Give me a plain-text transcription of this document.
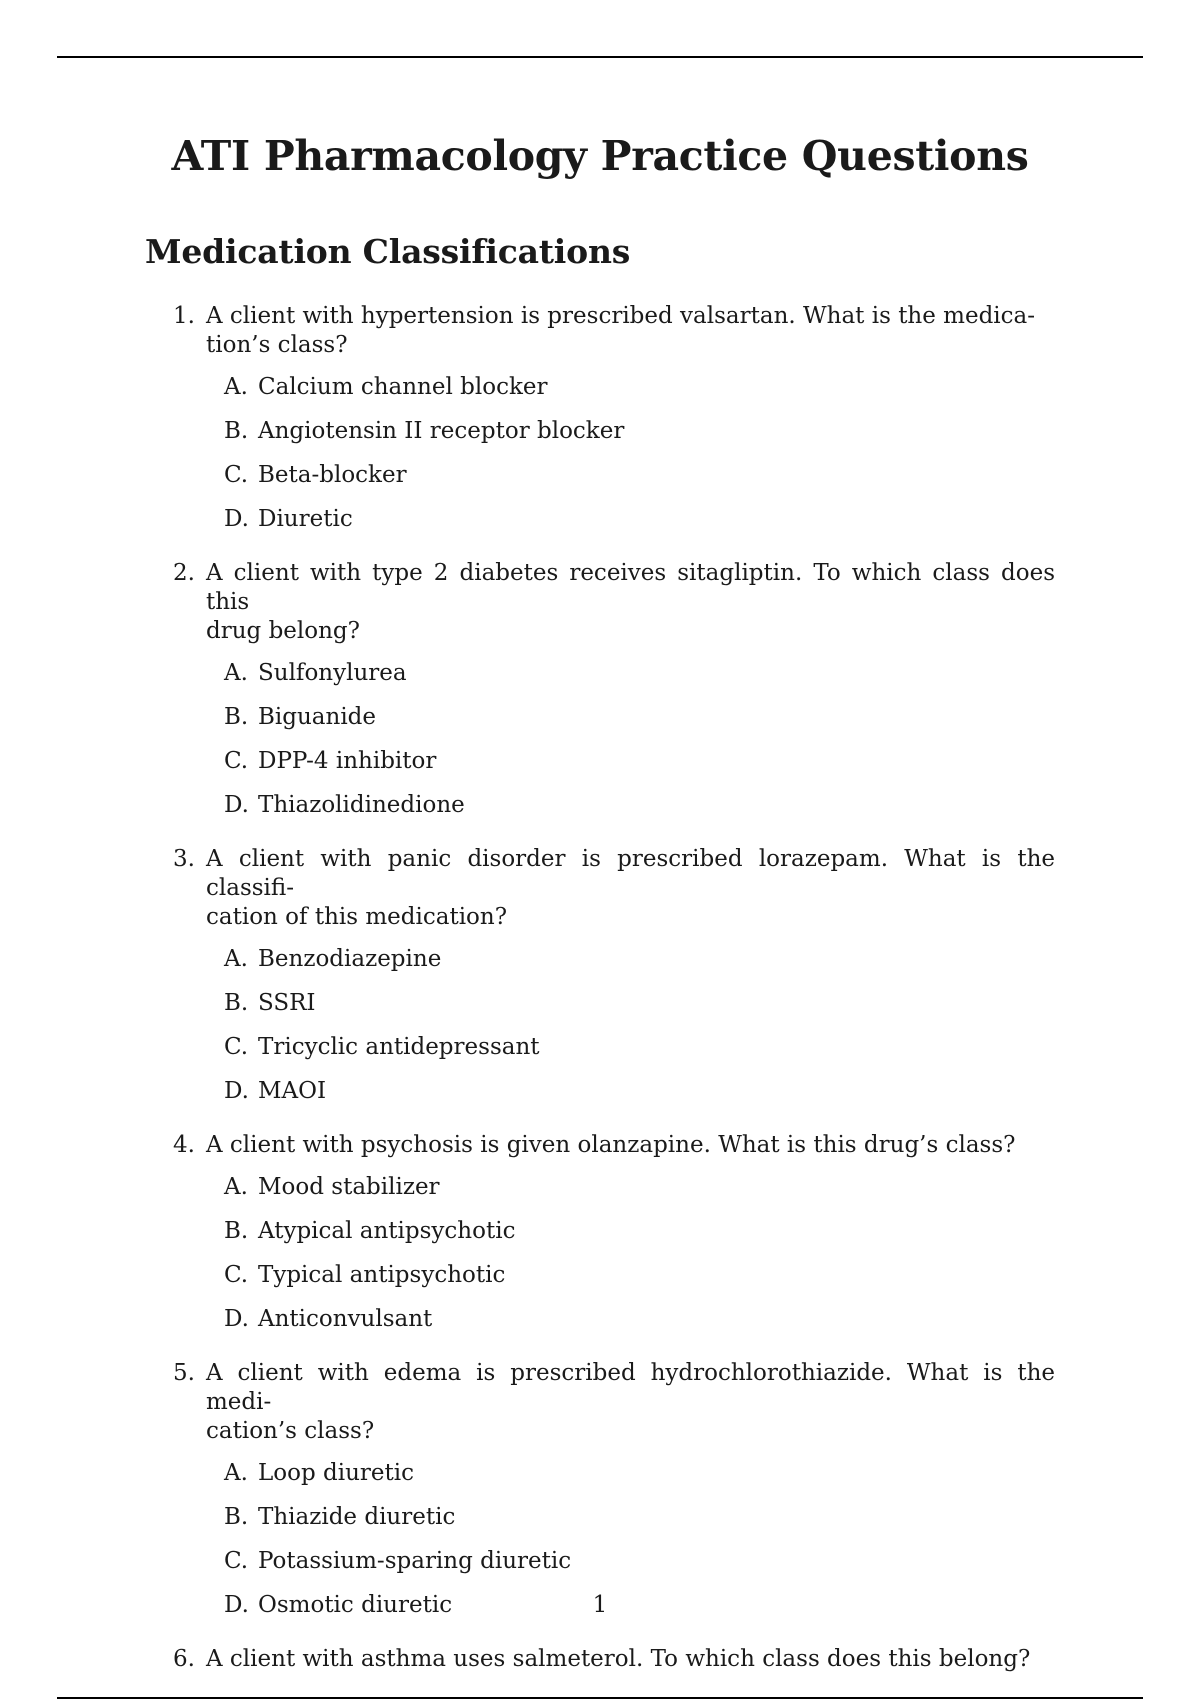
ATI Pharmacology Practice Questions
Medication Classifications
1. A client with hypertension is prescribed valsartan. What is the medica-
tion’s class?
A. Calcium channel blocker
B. Angiotensin II receptor blocker
C. Beta-blocker
D. Diuretic
2. A client with type 2 diabetes receives sitagliptin. To which class does this
drug belong?
A. Sulfonylurea
B. Biguanide
C. DPP-4 inhibitor
D. Thiazolidinedione
3. A client with panic disorder is prescribed lorazepam. What is the classifi-
cation of this medication?
A. Benzodiazepine
B. SSRI
C. Tricyclic antidepressant
D. MAOI
4. A client with psychosis is given olanzapine. What is this drug’s class?
A. Mood stabilizer
B. Atypical antipsychotic
C. Typical antipsychotic
D. Anticonvulsant
5. A client with edema is prescribed hydrochlorothiazide. What is the medi-
cation’s class?
A. Loop diuretic
B. Thiazide diuretic
C. Potassium-sparing diuretic
D. Osmotic diuretic
6. A client with asthma uses salmeterol. To which class does this belong?
1
